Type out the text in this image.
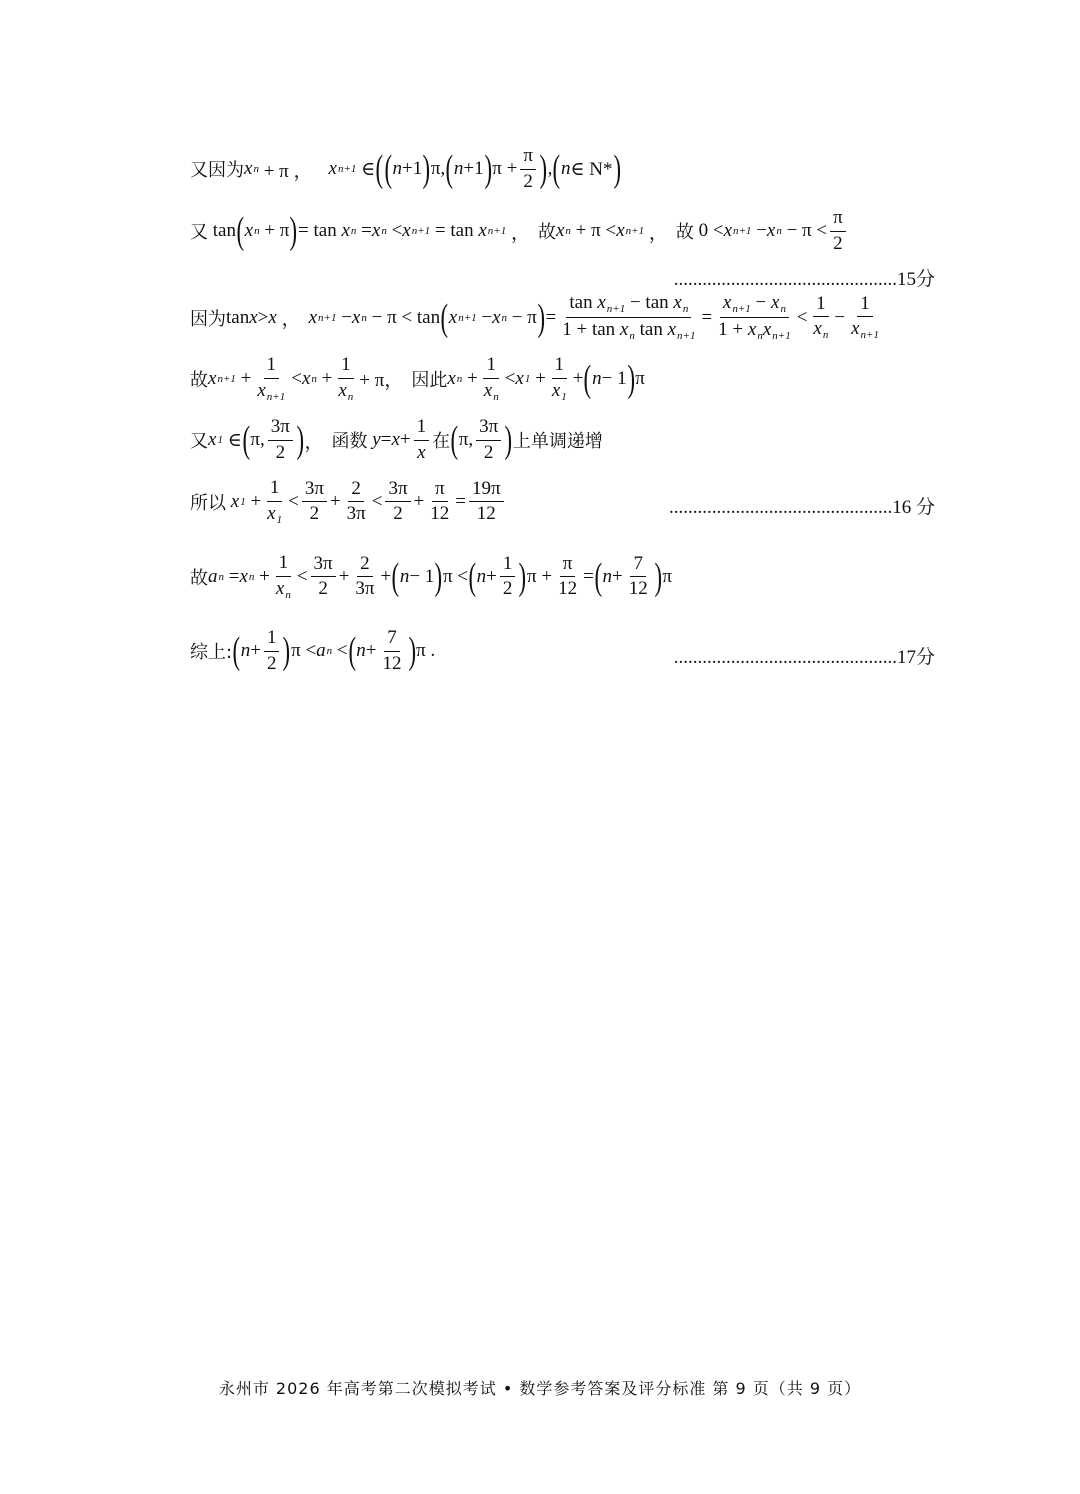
又因为 x n + π ， x n+1 ∈ ( ( n +1 ) π, ( n +1 ) $\pi + \frac{\pi}{2}$ ) , ( n ∈ N* )
又 tan ( x n + π ) = tan x n = x n < x n+1 = tan x n+1 ， 故 x n + π < x n+1 ， 故 0 < x n+1 − x $n - \pi < \frac{\pi}{2}$
...............................................15分
因为 tan x > x ， x n+1 − x n − π < tan ( x n+1 − x n − π ) = $\frac{\tan x_{n+1} - \tan x_n}{1 + \tan x_n \tan x_{n+1}} = \frac{x_{n+1} - x_n}{1 + x_nx_{n+1}} < \frac{1}{x_n} - \frac{1}{x_{n+1}}$
故 x $n+1 + \frac{1}{x_{n+1}} < x$ $n + \frac{1}{x_n} + \pi$， 因此 x $n + \frac{1}{x_n} < x$ $1 + \frac{1}{x_1}$ + ( n − 1 ) π
又 x 1 ∈ ( π, $\frac{3\pi}{2}$ ) ， 函数
$y = x + \frac{1}{x}$ 在 ( π, $\frac{3\pi}{2}$ ) 上单调递增
所以
x $1 + \frac{1}{x_1} < \frac{3\pi}{2} + \frac{2}{3\pi} < \frac{3\pi}{2} + \frac{\pi}{12} = \frac{19\pi}{12}$	...............................................16 分
故 a n = x $n + \frac{1}{x_n} < \frac{3\pi}{2} + \frac{2}{3\pi}$ + ( n − 1 ) π < ( $n + \frac{1}{2}$ ) $\pi + \frac{\pi}{12}$ = ( $n + \frac{7}{12}$ ) π
综上: ( $n + \frac{1}{2}$ ) π < a n < ( $n + \frac{7}{12}$ ) π .	...............................................17分
永州市 2026 年高考第二次模拟考试 • 数学参考答案及评分标准 第 9 页（共 9 页）
